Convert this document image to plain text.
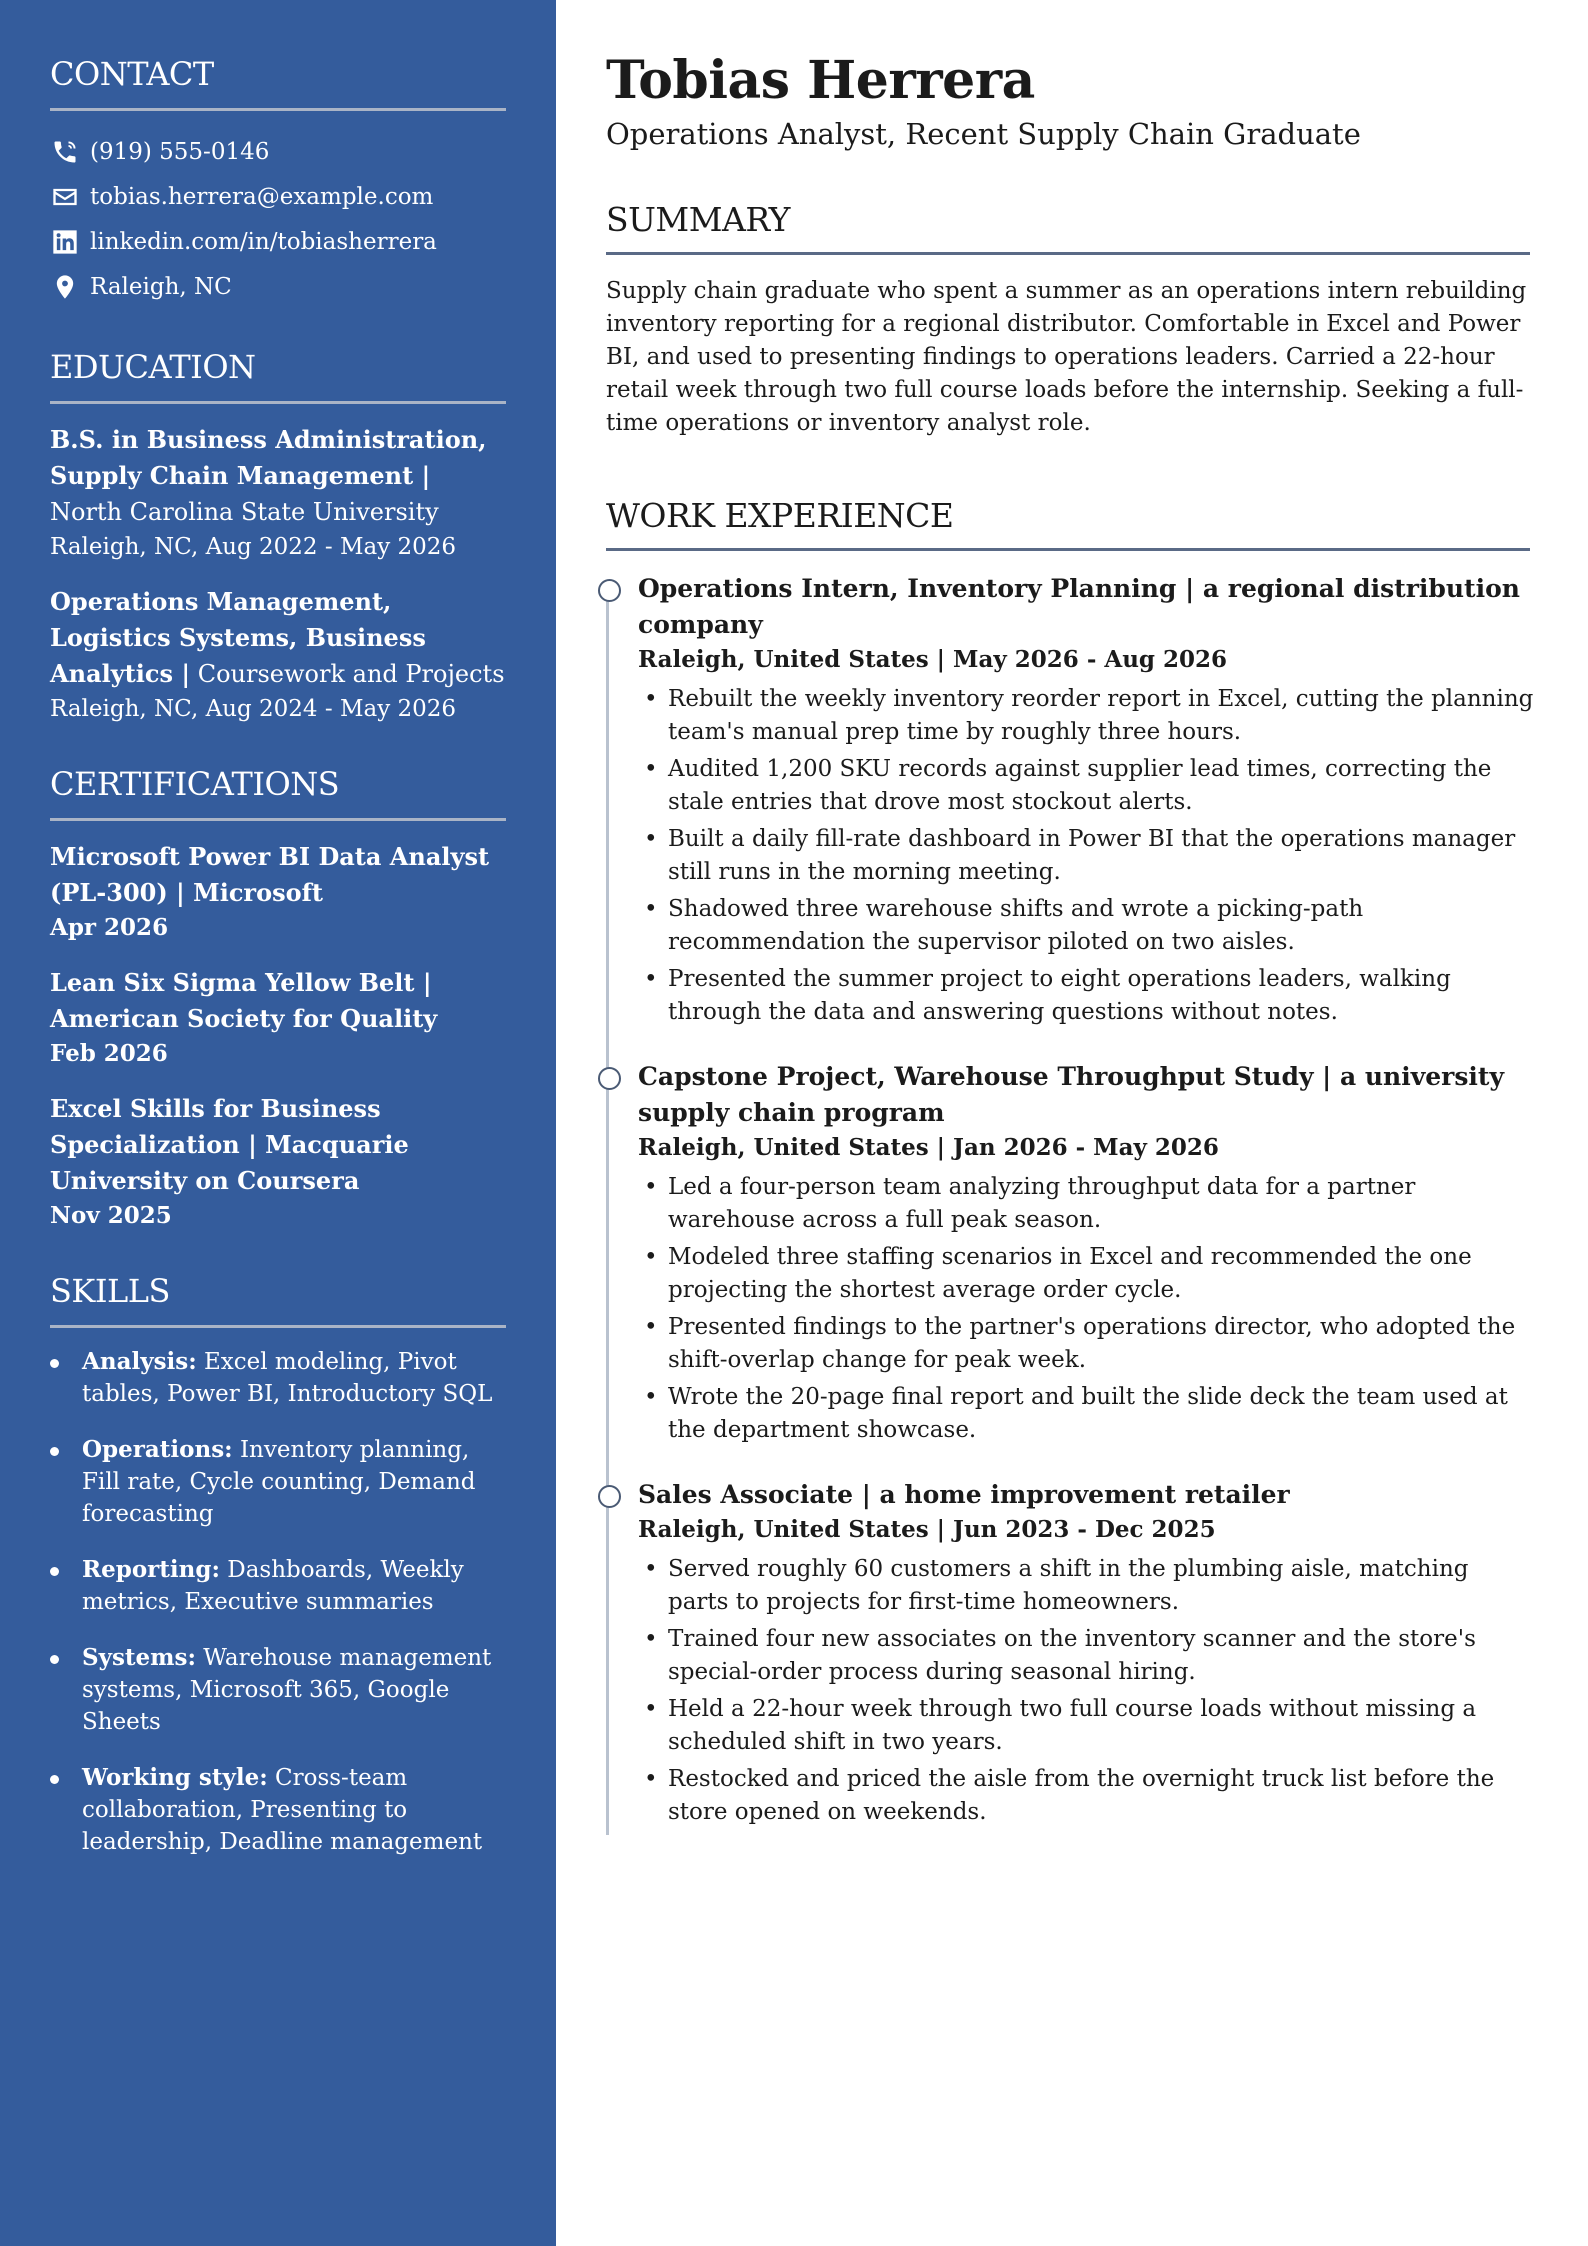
CONTACT
(919) 555-0146
tobias.herrera@example.com
linkedin.com/in/tobiasherrera
Raleigh, NC
EDUCATION
B.S. in Business Administration, Supply Chain Management | North Carolina State University
Raleigh, NC, Aug 2022 - May 2026
Operations Management, Logistics Systems, Business Analytics | Coursework and Projects
Raleigh, NC, Aug 2024 - May 2026
CERTIFICATIONS
Microsoft Power BI Data Analyst (PL-300) | Microsoft
Apr 2026
Lean Six Sigma Yellow Belt | American Society for Quality
Feb 2026
Excel Skills for Business Specialization | Macquarie University on Coursera
Nov 2025
SKILLS
Analysis: Excel modeling, Pivot tables, Power BI, Introductory SQL
Operations: Inventory planning, Fill rate, Cycle counting, Demand forecasting
Reporting: Dashboards, Weekly metrics, Executive summaries
Systems: Warehouse management systems, Microsoft 365, Google Sheets
Working style: Cross-team collaboration, Presenting to leadership, Deadline management
Tobias Herrera

Operations Analyst, Recent Supply Chain Graduate

SUMMARY

Supply chain graduate who spent a summer as an operations intern rebuilding inventory reporting for a regional distributor. Comfortable in Excel and Power BI, and used to presenting findings to operations leaders. Carried a 22-hour retail week through two full course loads before the internship. Seeking a full-time operations or inventory analyst role.

WORK EXPERIENCE
Operations Intern, Inventory Planning | a regional distribution company
Raleigh, United States | May 2026 - Aug 2026
• Rebuilt the weekly inventory reorder report in Excel, cutting the planning team's manual prep time by roughly three hours.
• Audited 1,200 SKU records against supplier lead times, correcting the stale entries that drove most stockout alerts.
• Built a daily fill-rate dashboard in Power BI that the operations manager still runs in the morning meeting.
• Shadowed three warehouse shifts and wrote a picking-path recommendation the supervisor piloted on two aisles.
• Presented the summer project to eight operations leaders, walking through the data and answering questions without notes.
Capstone Project, Warehouse Throughput Study | a university supply chain program
Raleigh, United States | Jan 2026 - May 2026
• Led a four-person team analyzing throughput data for a partner warehouse across a full peak season.
• Modeled three staffing scenarios in Excel and recommended the one projecting the shortest average order cycle.
• Presented findings to the partner's operations director, who adopted the shift-overlap change for peak week.
• Wrote the 20-page final report and built the slide deck the team used at the department showcase.
Sales Associate | a home improvement retailer
Raleigh, United States | Jun 2023 - Dec 2025
• Served roughly 60 customers a shift in the plumbing aisle, matching parts to projects for first-time homeowners.
• Trained four new associates on the inventory scanner and the store's special-order process during seasonal hiring.
• Held a 22-hour week through two full course loads without missing a scheduled shift in two years.
• Restocked and priced the aisle from the overnight truck list before the store opened on weekends.
